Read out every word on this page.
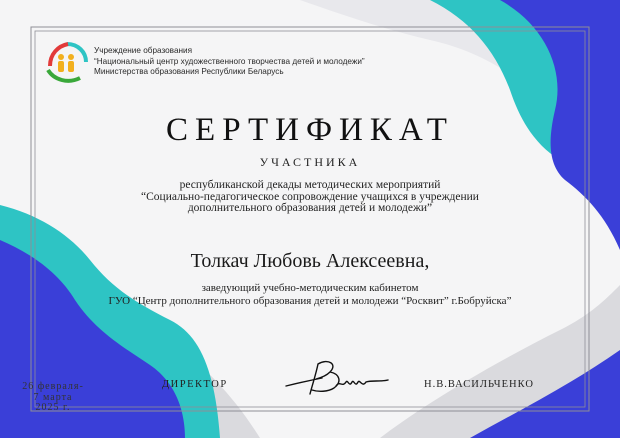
Учреждение образования
“Национальный центр художественного творчества детей и молодежи”
Министерства образования Республики Беларусь
СЕРТИФИКАТ
УЧАСТНИКА
республиканской декады методических мероприятий
“Социально-педагогическое сопровождение учащихся в учреждении
дополнительного образования детей и молодежи”
Толкач Любовь Алексеевна,
заведующий учебно-методическим кабинетом
ГУО “Центр дополнительного образования детей и молодежи “Росквит” г.Бобруйска”
26 февраля-
7 марта
2025 г.
ДИРЕКТОР	Н.В.ВАСИЛЬЧЕНКО
